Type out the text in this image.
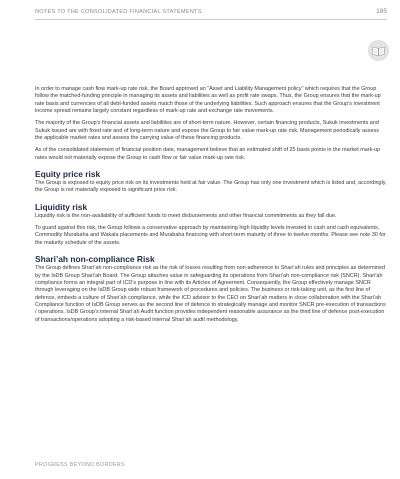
NOTES TO THE CONSOLIDATED FINANCIAL STATEMENTS	185

In order to manage cash flow mark-up rate risk, the Board approved an “Asset and Liability Management policy” which requires that the Group follow the matched-funding principle in managing its assets and liabilities as well as profit rate swaps. Thus, the Group ensures that the mark-up rate basis and currencies of all debt-funded assets match those of the underlying liabilities. Such approach ensures that the Group’s investment income spread remains largely constant regardless of mark-up rate and exchange rate movements.

The majority of the Group’s financial assets and liabilities are of short-term nature. However, certain financing products, Sukuk investments and Sukuk issued are with fixed rate and of long-term nature and expose the Group to fair value mark-up rate risk. Management periodically assess the applicable market rates and assess the carrying value of these financing products.

As of the consolidated statement of financial position date, management believe that an estimated shift of 25 basis points in the market mark-up rates would not materially expose the Group to cash flow or fair value mark-up rate risk.

Equity price risk

The Group is exposed to equity price risk on its investments held at fair value. The Group has only one investment which is listed and, accordingly, the Group is not materially exposed to significant price risk.

Liquidity risk

Liquidity risk is the non-availability of sufficient funds to meet disbursements and other financial commitments as they fall due.

To guard against this risk, the Group follows a conservative approach by maintaining high liquidity levels invested in cash and cash equivalents, Commodity Murabaha and Wakala placements and Murabaha financing with short-term maturity of three to twelve months. Please see note 30 for the maturity schedule of the assets.

Shari’ah non-compliance Risk

The Group defines Shari’ah non-compliance risk as the risk of losses resulting from non-adherence to Shari’ah rules and principles as determined by the IsDB Group Shari’ah Board. The Group attaches value in safeguarding its operations from Shari’ah non-compliance risk (SNCR). Shari’ah compliance forms an integral part of ICD’s purpose in line with its Articles of Agreement. Consequently, the Group effectively manage SNCR through leveraging on the IsDB Group wide robust framework of procedures and policies. The business or risk-taking unit, as the first line of defence, embeds a culture of Shari’ah compliance, while the ICD advisor to the CEO on Shari’ah matters in close collaboration with the Shari’ah Compliance function of IsDB Group serves as the second line of defence to strategically manage and monitor SNCR pre-execution of transactions / operations. IsDB Group’s internal Shari’ah Audit function provides independent reasonable assurance as the third line of defence post-execution of transactions/operations adopting a risk-based internal Shari’ah audit methodology.

PROGRESS BEYOND BORDERS
